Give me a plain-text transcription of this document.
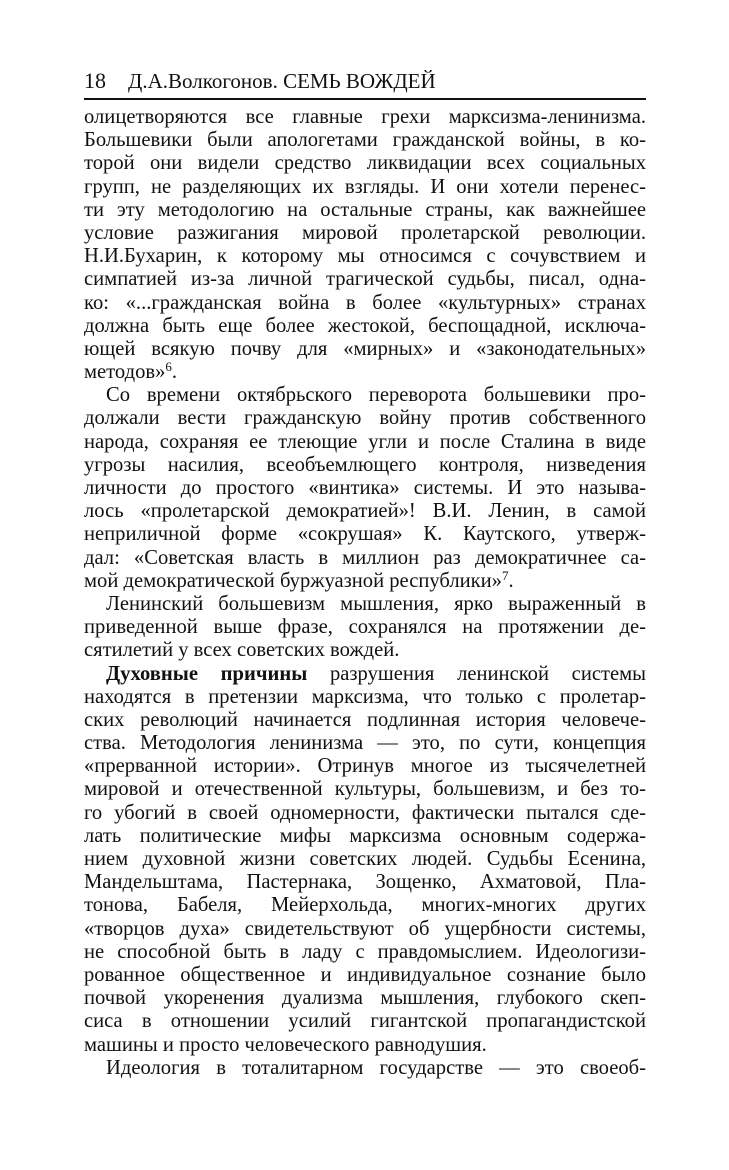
18 Д.А.Волкогонов. СЕМЬ ВОЖДЕЙ
олицетворяются все главные грехи марксизма-ленинизма.
Большевики были апологетами гражданской войны, в ко-
торой они видели средство ликвидации всех социальных
групп, не разделяющих их взгляды. И они хотели перенес-
ти эту методологию на остальные страны, как важнейшее
условие разжигания мировой пролетарской революции.
Н.И.Бухарин, к которому мы относимся с сочувствием и
симпатией из-за личной трагической судьбы, писал, одна-
ко: «...гражданская война в более «культурных» странах
должна быть еще более жестокой, беспощадной, исключа-
ющей всякую почву для «мирных» и «законодательных»
методов»$^6$.
Со времени октябрьского переворота большевики про-
должали вести гражданскую войну против собственного
народа, сохраняя ее тлеющие угли и после Сталина в виде
угрозы насилия, всеобъемлющего контроля, низведения
личности до простого «винтика» системы. И это называ-
лось «пролетарской демократией»! В.И. Ленин, в самой
неприличной форме «сокрушая» К. Каутского, утверж-
дал: «Советская власть в миллион раз демократичнее са-
мой демократической буржуазной республики»$^7$.
Ленинский большевизм мышления, ярко выраженный в
приведенной выше фразе, сохранялся на протяжении де-
сятилетий у всех советских вождей.
Духовные причины разрушения ленинской системы
находятся в претензии марксизма, что только с пролетар-
ских революций начинается подлинная история человече-
ства. Методология ленинизма — это, по сути, концепция
«прерванной истории». Отринув многое из тысячелетней
мировой и отечественной культуры, большевизм, и без то-
го убогий в своей одномерности, фактически пытался сде-
лать политические мифы марксизма основным содержа-
нием духовной жизни советских людей. Судьбы Есенина,
Мандельштама, Пастернака, Зощенко, Ахматовой, Пла-
тонова, Бабеля, Мейерхольда, многих-многих других
«творцов духа» свидетельствуют об ущербности системы,
не способной быть в ладу с правдомыслием. Идеологизи-
рованное общественное и индивидуальное сознание было
почвой укоренения дуализма мышления, глубокого скеп-
сиса в отношении усилий гигантской пропагандистской
машины и просто человеческого равнодушия.
Идеология в тоталитарном государстве — это своеоб-
